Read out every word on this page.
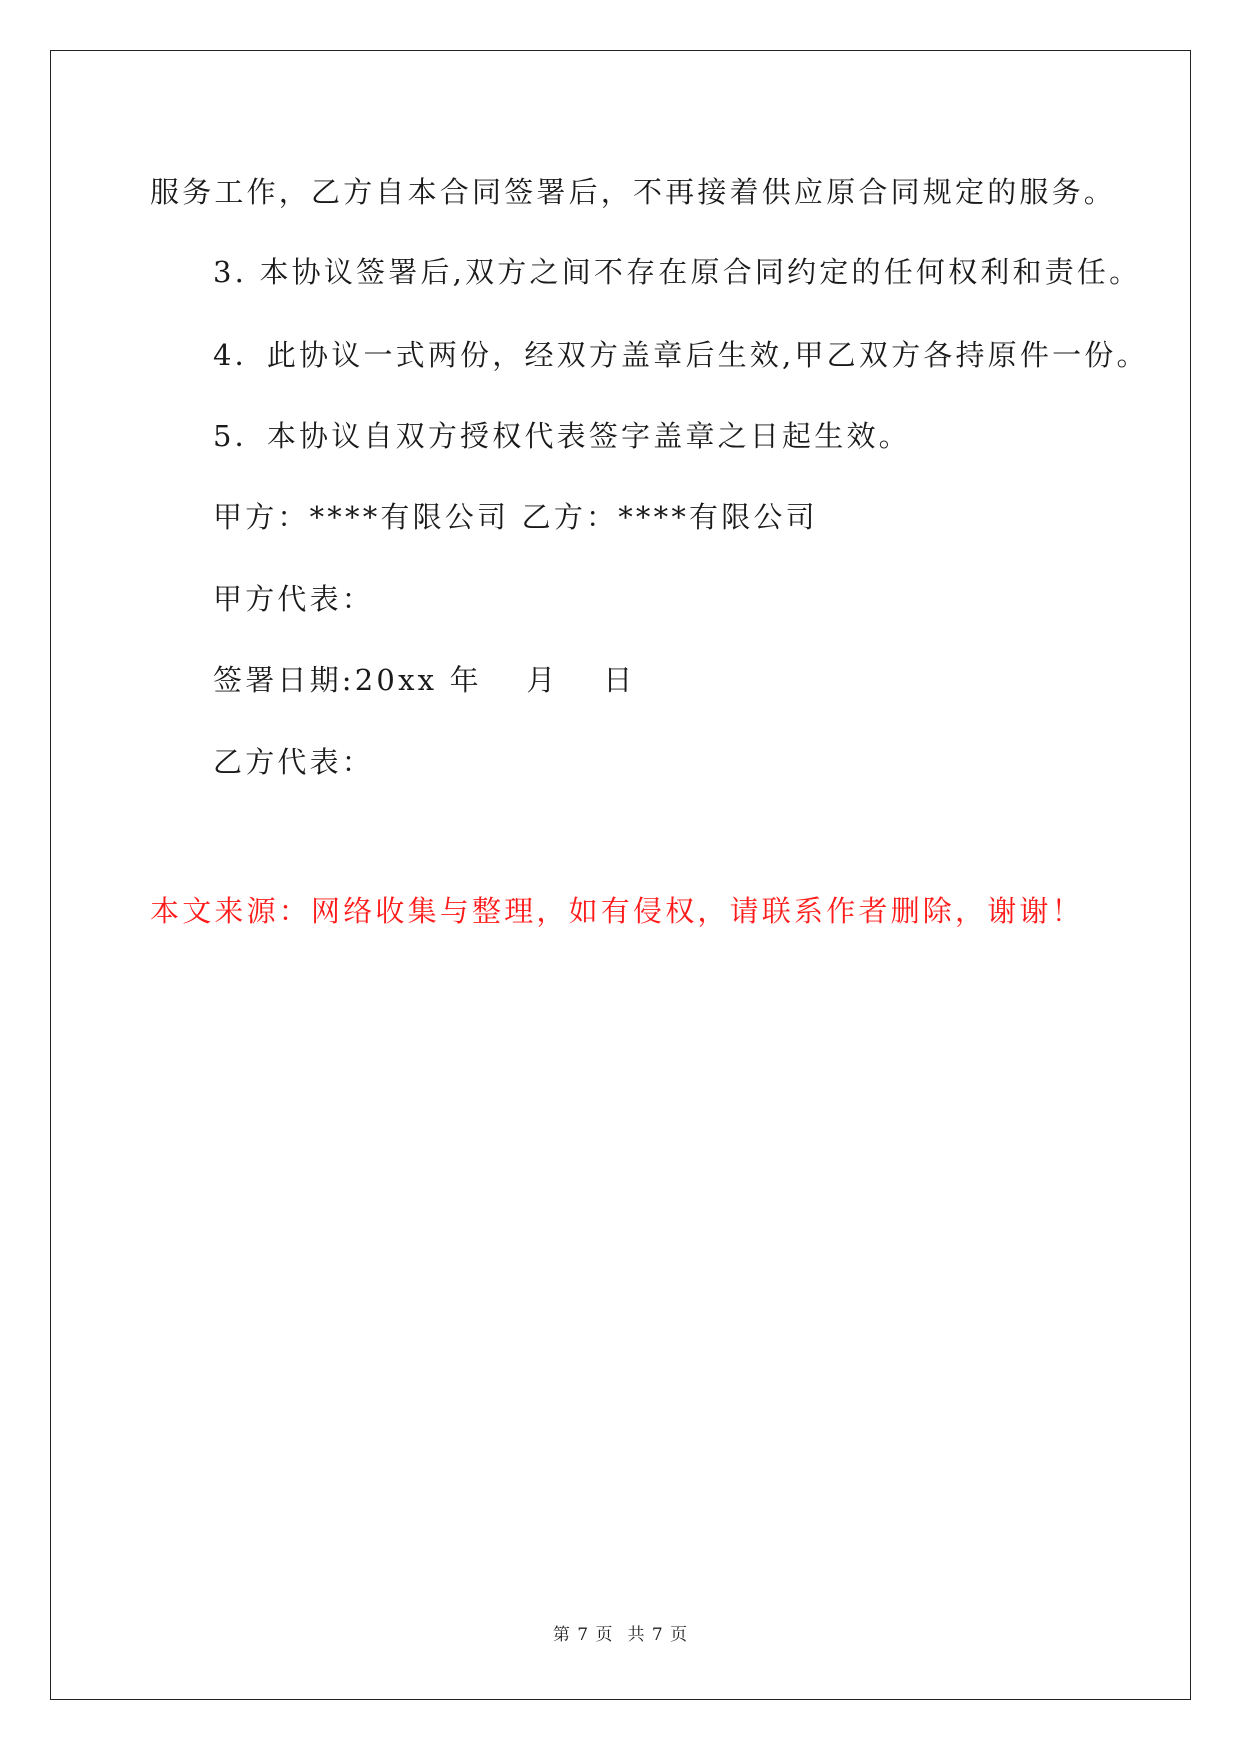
服务工作，乙方自本合同签署后，不再接着供应原合同规定的服务。
3. 本协议签署后,双方之间不存在原合同约定的任何权利和责任。
4．此协议一式两份，经双方盖章后生效,甲乙双方各持原件一份。
5．本协议自双方授权代表签字盖章之日起生效。
甲方：****有限公司 乙方：****有限公司
甲方代表：
签署日期:20xx 年　 月　 日
乙方代表：
本文来源：网络收集与整理，如有侵权，请联系作者删除，谢谢！
第 7 页 共 7 页
